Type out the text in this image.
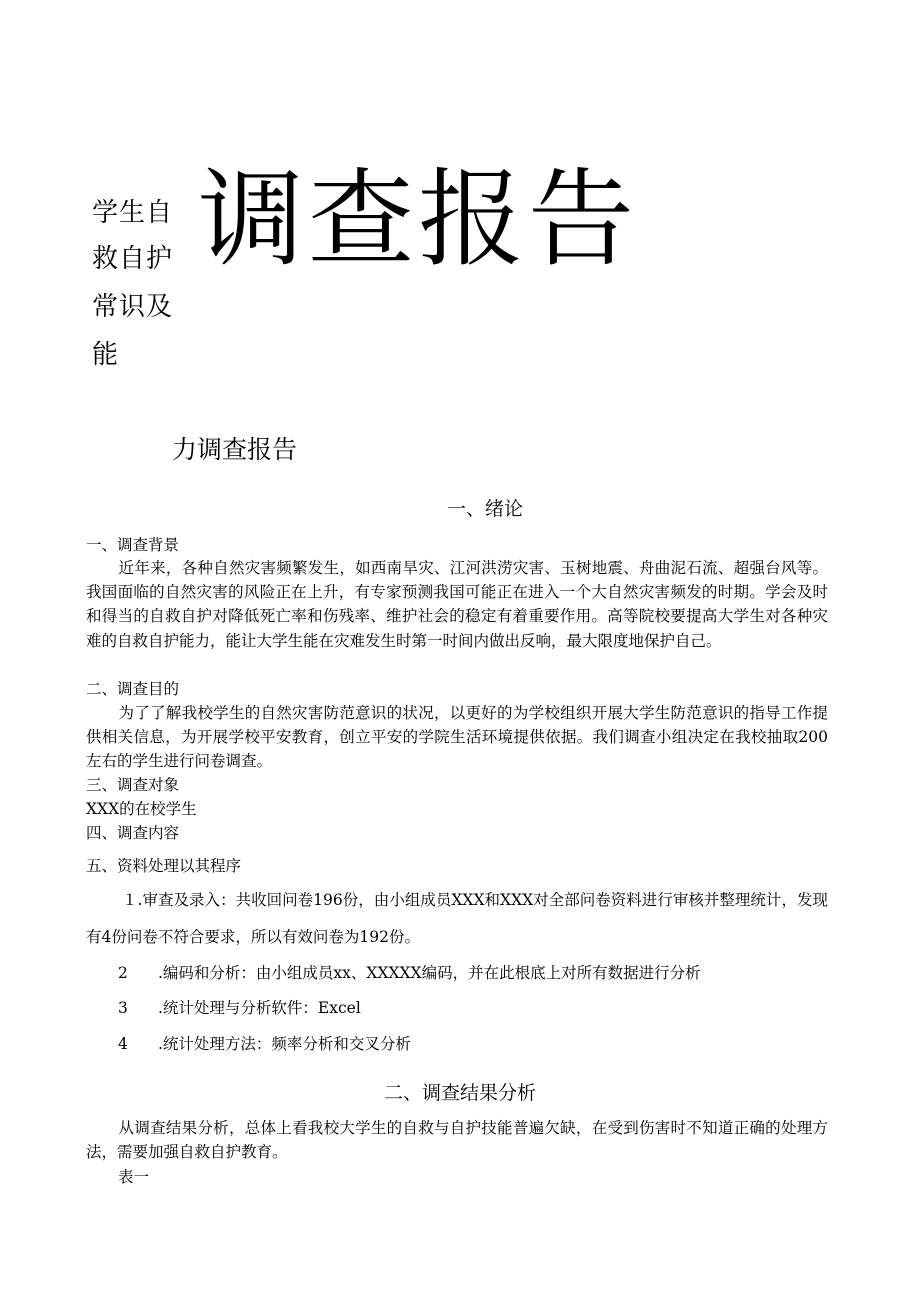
学生自
救自护
常识及
能
调查报告
力调查报告
一、绪论
一、调查背景

近年来，各种自然灾害频繁发生，如西南旱灾、江河洪涝灾害、玉树地震、舟曲泥石流、超强台风等。我国面临的自然灾害的风险正在上升，有专家预测我国可能正在进入一个大自然灾害频发的时期。学会及时和得当的自救自护对降低死亡率和伤残率、维护社会的稳定有着重要作用。高等院校要提高大学生对各种灾难的自救自护能力，能让大学生能在灾难发生时第一时间内做出反响，最大限度地保护自己。

二、调查目的

为了了解我校学生的自然灾害防范意识的状况，以更好的为学校组织开展大学生防范意识的指导工作提供相关信息，为开展学校平安教育，创立平安的学院生活环境提供依据。我们调查小组决定在我校抽取200左右的学生进行问卷调查。

三、调查对象
XXX的在校学生
四、调查内容
五、资料处理以其程序

１.审查及录入：共收回问卷196份，由小组成员XXX和XXX对全部问卷资料进行审核并整理统计，发现有4份问卷不符合要求，所以有效问卷为192份。

2 .编码和分析：由小组成员xx、XXXXX编码，并在此根底上对所有数据进行分析
3 .统计处理与分析软件：Excel
4 .统计处理方法：频率分析和交叉分析
二、调查结果分析

从调查结果分析，总体上看我校大学生的自救与自护技能普遍欠缺，在受到伤害时不知道正确的处理方法，需要加强自救自护教育。

表一
